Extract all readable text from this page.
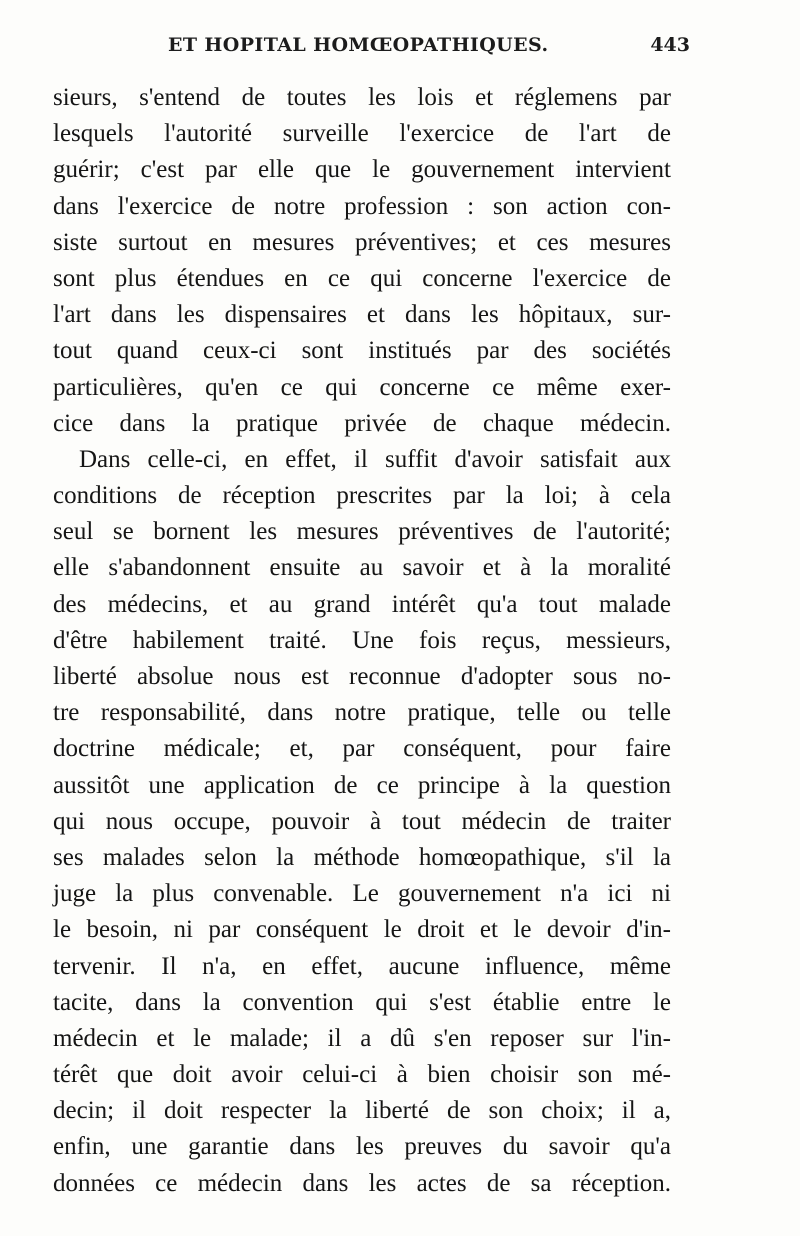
ET HOPITAL HOMŒOPATHIQUES.	443
sieurs, s'entend de toutes les lois et réglemens par
lesquels l'autorité surveille l'exercice de l'art de
guérir; c'est par elle que le gouvernement intervient
dans l'exercice de notre profession : son action con-
siste surtout en mesures préventives; et ces mesures
sont plus étendues en ce qui concerne l'exercice de
l'art dans les dispensaires et dans les hôpitaux, sur-
tout quand ceux-ci sont institués par des sociétés
particulières, qu'en ce qui concerne ce même exer-
cice dans la pratique privée de chaque médecin.
Dans celle-ci, en effet, il suffit d'avoir satisfait aux
conditions de réception prescrites par la loi; à cela
seul se bornent les mesures préventives de l'autorité;
elle s'abandonnent ensuite au savoir et à la moralité
des médecins, et au grand intérêt qu'a tout malade
d'être habilement traité. Une fois reçus, messieurs,
liberté absolue nous est reconnue d'adopter sous no-
tre responsabilité, dans notre pratique, telle ou telle
doctrine médicale; et, par conséquent, pour faire
aussitôt une application de ce principe à la question
qui nous occupe, pouvoir à tout médecin de traiter
ses malades selon la méthode homœopathique, s'il la
juge la plus convenable. Le gouvernement n'a ici ni
le besoin, ni par conséquent le droit et le devoir d'in-
tervenir. Il n'a, en effet, aucune influence, même
tacite, dans la convention qui s'est établie entre le
médecin et le malade; il a dû s'en reposer sur l'in-
térêt que doit avoir celui-ci à bien choisir son mé-
decin; il doit respecter la liberté de son choix; il a,
enfin, une garantie dans les preuves du savoir qu'a
données ce médecin dans les actes de sa réception.
